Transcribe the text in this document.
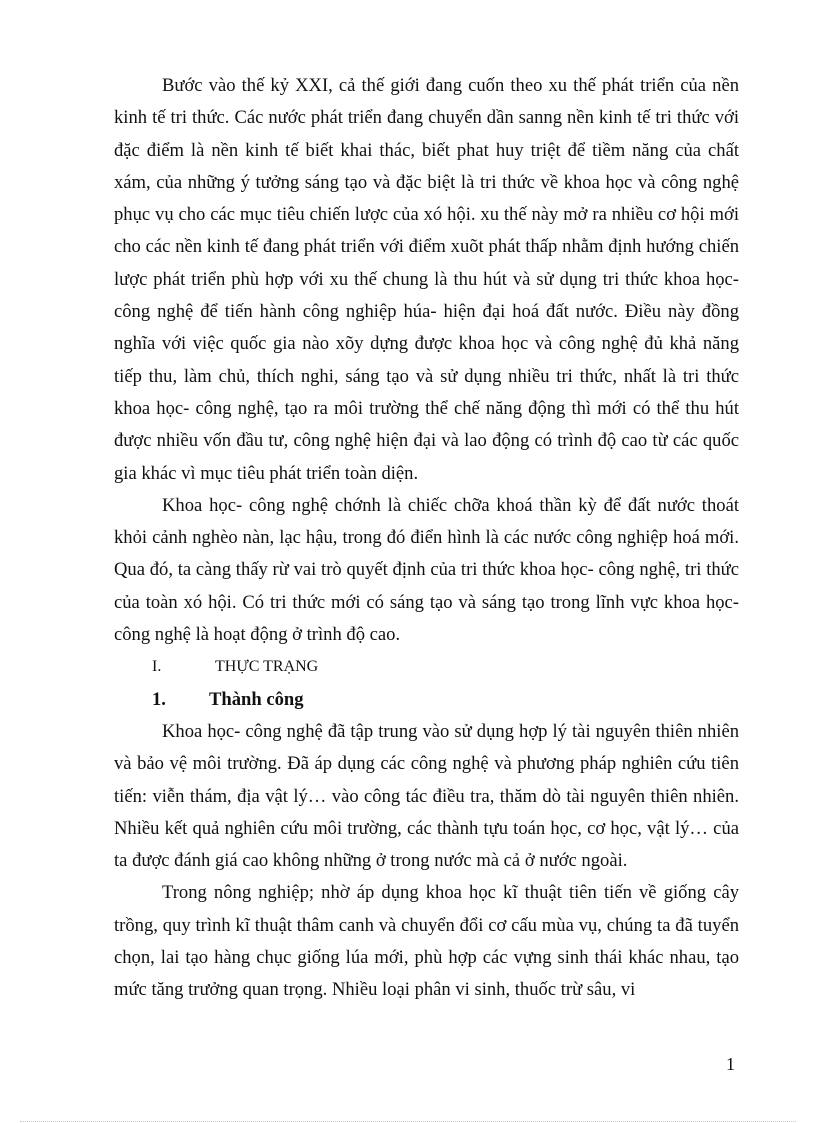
Bước vào thế kỷ XXI, cả thế giới đang cuốn theo xu thế phát triển của nền kinh tế tri thức. Các nước phát triển đang chuyển dần sanng nền kinh tế tri thức với đặc điểm là nền kinh tế biết khai thác, biết phat huy triệt để tiềm năng của chất xám, của những ý tưởng sáng tạo và đặc biệt là tri thức về khoa học và công nghệ phục vụ cho các mục tiêu chiến lược của xó hội. xu thế này mở ra nhiều cơ hội mới cho các nền kinh tế đang phát triển với điểm xuõt phát thấp nhằm định hướng chiến lược phát triển phù hợp với xu thế chung là thu hút và sử dụng tri thức khoa học- công nghệ để tiến hành công nghiệp húa- hiện đại hoá đất nước. Điều này đồng nghĩa với việc quốc gia nào xõy dựng được khoa học và công nghệ đủ khả năng tiếp thu, làm chủ, thích nghi, sáng tạo và sử dụng nhiều tri thức, nhất là tri thức khoa học- công nghệ, tạo ra môi trường thể chế năng động thì mới có thể thu hút được nhiều vốn đầu tư, công nghệ hiện đại và lao động có trình độ cao từ các quốc gia khác vì mục tiêu phát triển toàn diện.

Khoa học- công nghệ chớnh là chiếc chỡa khoá thần kỳ để đất nước thoát khỏi cảnh nghèo nàn, lạc hậu, trong đó điển hình là các nước công nghiệp hoá mới. Qua đó, ta càng thấy rừ vai trò quyết định của tri thức khoa học- công nghệ, tri thức của toàn xó hội. Có tri thức mới có sáng tạo và sáng tạo trong lĩnh vực khoa học- công nghệ là hoạt động ở trình độ cao.

I.	THỰC TRẠNG
1.	Thành công

Khoa học- công nghệ đã tập trung vào sử dụng hợp lý tài nguyên thiên nhiên và bảo vệ môi trường. Đã áp dụng các công nghệ và phương pháp nghiên cứu tiên tiến: viễn thám, địa vật lý… vào công tác điều tra, thăm dò tài nguyên thiên nhiên. Nhiều kết quả nghiên cứu môi trường, các thành tựu toán học, cơ học, vật lý… của ta được đánh giá cao không những ở trong nước mà cả ở nước ngoài.

Trong nông nghiệp; nhờ áp dụng khoa học kĩ thuật tiên tiến về giống cây trồng, quy trình kĩ thuật thâm canh và chuyển đổi cơ cấu mùa vụ, chúng ta đã tuyển chọn, lai tạo hàng chục giống lúa mới, phù hợp các vựng sinh thái khác nhau, tạo mức tăng trưởng quan trọng. Nhiều loại phân vi sinh, thuốc trừ sâu, vi

1
